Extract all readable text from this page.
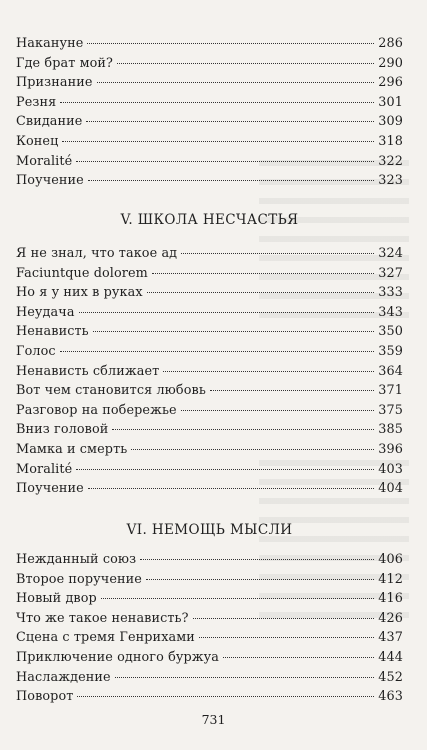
Накануне	286
Где брат мой?	290
Признание	296
Резня	301
Свидание	309
Конец	318
Moralité	322
Поучение	323
V. ШКОЛА НЕСЧАСТЬЯ
Я не знал, что такое ад	324
Faciuntque dolorem	327
Но я у них в руках	333
Неудача	343
Ненависть	350
Голос	359
Ненависть сближает	364
Вот чем становится любовь	371
Разговор на побережье	375
Вниз головой	385
Мамка и смерть	396
Moralité	403
Поучение	404
VI. НЕМОЩЬ МЫСЛИ
Нежданный союз	406
Второе поручение	412
Новый двор	416
Что же такое ненависть?	426
Сцена с тремя Генрихами	437
Приключение одного буржуа	444
Наслаждение	452
Поворот	463
731
